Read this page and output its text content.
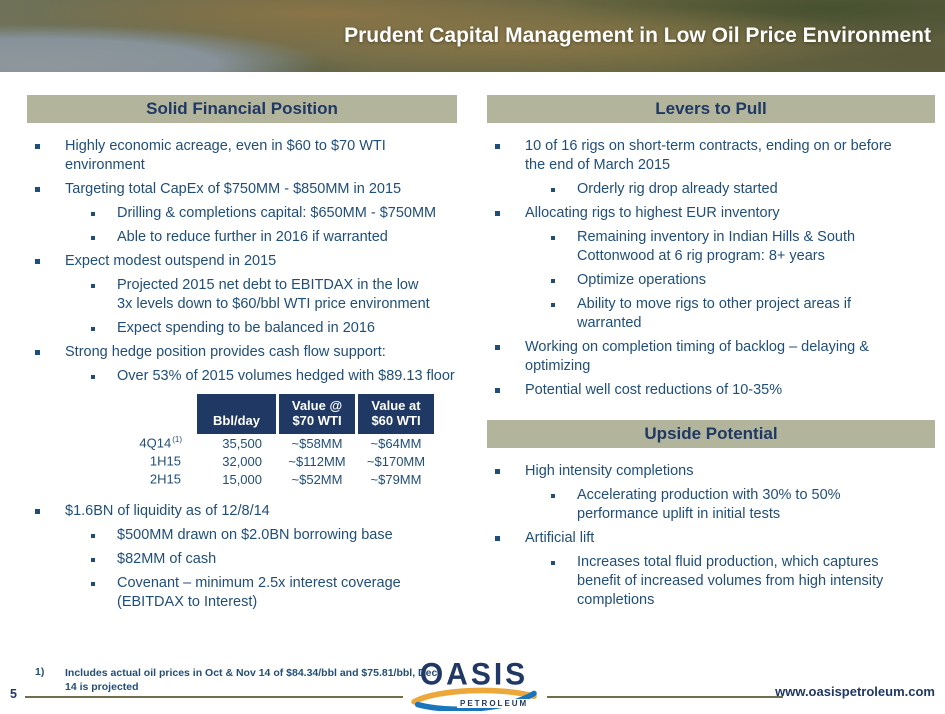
Prudent Capital Management in Low Oil Price Environment
Solid Financial Position
Highly economic acreage, even in $60 to $70 WTI environment
Targeting total CapEx of $750MM - $850MM in 2015
Drilling & completions capital: $650MM - $750MM
Able to reduce further in 2016 if warranted
Expect modest outspend in 2015
Projected 2015 net debt to EBITDAX in the low 3x levels down to $60/bbl WTI price environment
Expect spending to be balanced in 2016
Strong hedge position provides cash flow support:
Over 53% of 2015 volumes hedged with $89.13 floor
	Bbl/day	Value @ $70 WTI	Value at $60 WTI
4Q14$^{(1)}$	35,500	~$58MM	~$64MM
1H15	32,000	~$112MM	~$170MM
2H15	15,000	~$52MM	~$79MM
$1.6BN of liquidity as of 12/8/14
$500MM drawn on $2.0BN borrowing base
$82MM of cash
Covenant – minimum 2.5x interest coverage (EBITDAX to Interest)
Levers to Pull
10 of 16 rigs on short-term contracts, ending on or before the end of March 2015
Orderly rig drop already started
Allocating rigs to highest EUR inventory
Remaining inventory in Indian Hills & South Cottonwood at 6 rig program: 8+ years
Optimize operations
Ability to move rigs to other project areas if warranted
Working on completion timing of backlog – delaying & optimizing
Potential well cost reductions of 10-35%
Upside Potential
High intensity completions
Accelerating production with 30% to 50% performance uplift in initial tests
Artificial lift
Increases total fluid production, which captures benefit of increased volumes from high intensity completions
1) Includes actual oil prices in Oct & Nov 14 of $84.34/bbl and $75.81/bbl, Dec 14 is projected
5
OASIS
PETROLEUM
www.oasispetroleum.com
